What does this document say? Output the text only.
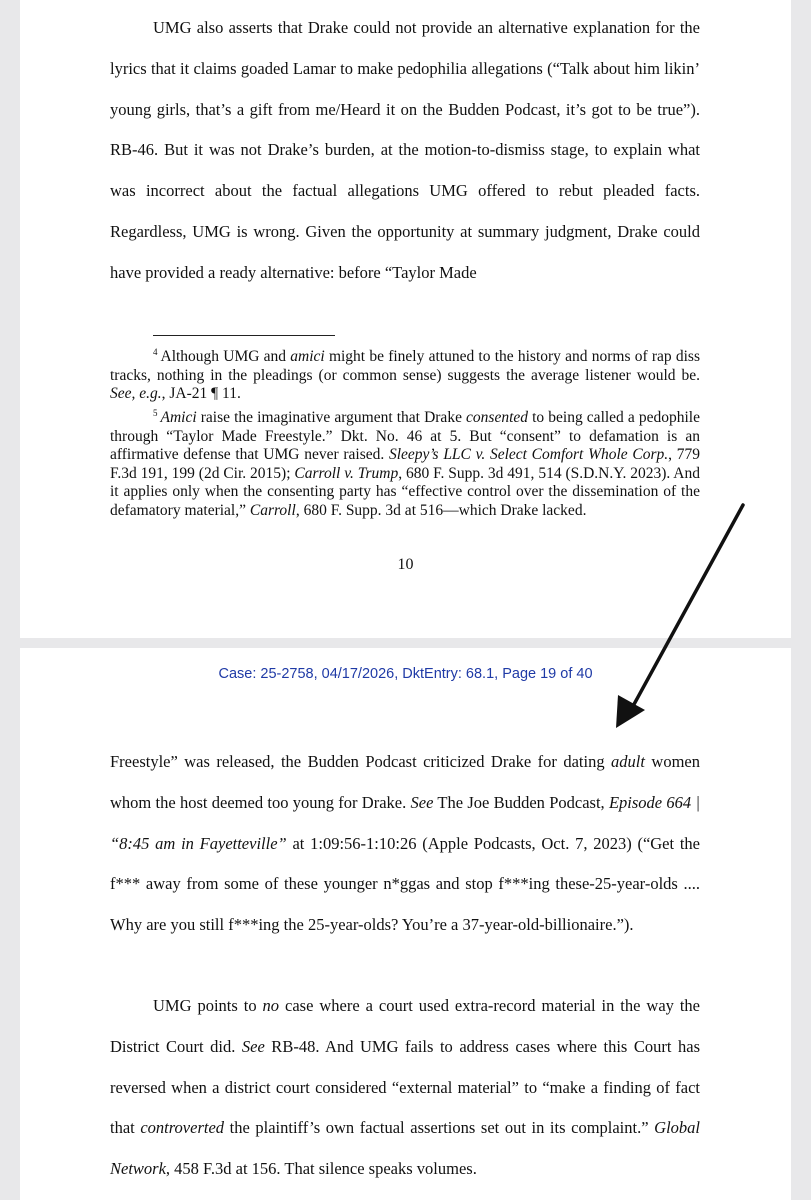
UMG also asserts that Drake could not provide an alternative explanation for the lyrics that it claims goaded Lamar to make pedophilia allegations (“Talk about him likin’ young girls, that’s a gift from me/Heard it on the Budden Podcast, it’s got to be true”). RB-46. But it was not Drake’s burden, at the motion-to-dismiss stage, to explain what was incorrect about the factual allegations UMG offered to rebut pleaded facts. Regardless, UMG is wrong. Given the opportunity at summary judgment, Drake could have provided a ready alternative: before “Taylor Made
$^4$ Although UMG and amici might be finely attuned to the history and norms of rap diss tracks, nothing in the pleadings (or common sense) suggests the average listener would be. See, e.g., JA-21 ¶ 11.
$^5$ Amici raise the imaginative argument that Drake consented to being called a pedophile through “Taylor Made Freestyle.” Dkt. No. 46 at 5. But “consent” to defamation is an affirmative defense that UMG never raised. Sleepy’s LLC v. Select Comfort Whole Corp., 779 F.3d 191, 199 (2d Cir. 2015); Carroll v. Trump, 680 F. Supp. 3d 491, 514 (S.D.N.Y. 2023). And it applies only when the consenting party has “effective control over the dissemination of the defamatory material,” Carroll, 680 F. Supp. 3d at 516—which Drake lacked.
10
Case: 25-2758, 04/17/2026, DktEntry: 68.1, Page 19 of 40
Freestyle” was released, the Budden Podcast criticized Drake for dating adult women whom the host deemed too young for Drake. See The Joe Budden Podcast, Episode 664 | “8:45 am in Fayetteville” at 1:09:56-1:10:26 (Apple Podcasts, Oct. 7, 2023) (“Get the f*** away from some of these younger n*ggas and stop f***ing these-25-year-olds .... Why are you still f***ing the 25-year-olds? You’re a 37-year-old-billionaire.”).
UMG points to no case where a court used extra-record material in the way the District Court did. See RB-48. And UMG fails to address cases where this Court has reversed when a district court considered “external material” to “make a finding of fact that controverted the plaintiff’s own factual assertions set out in its complaint.” Global Network, 458 F.3d at 156. That silence speaks volumes.
